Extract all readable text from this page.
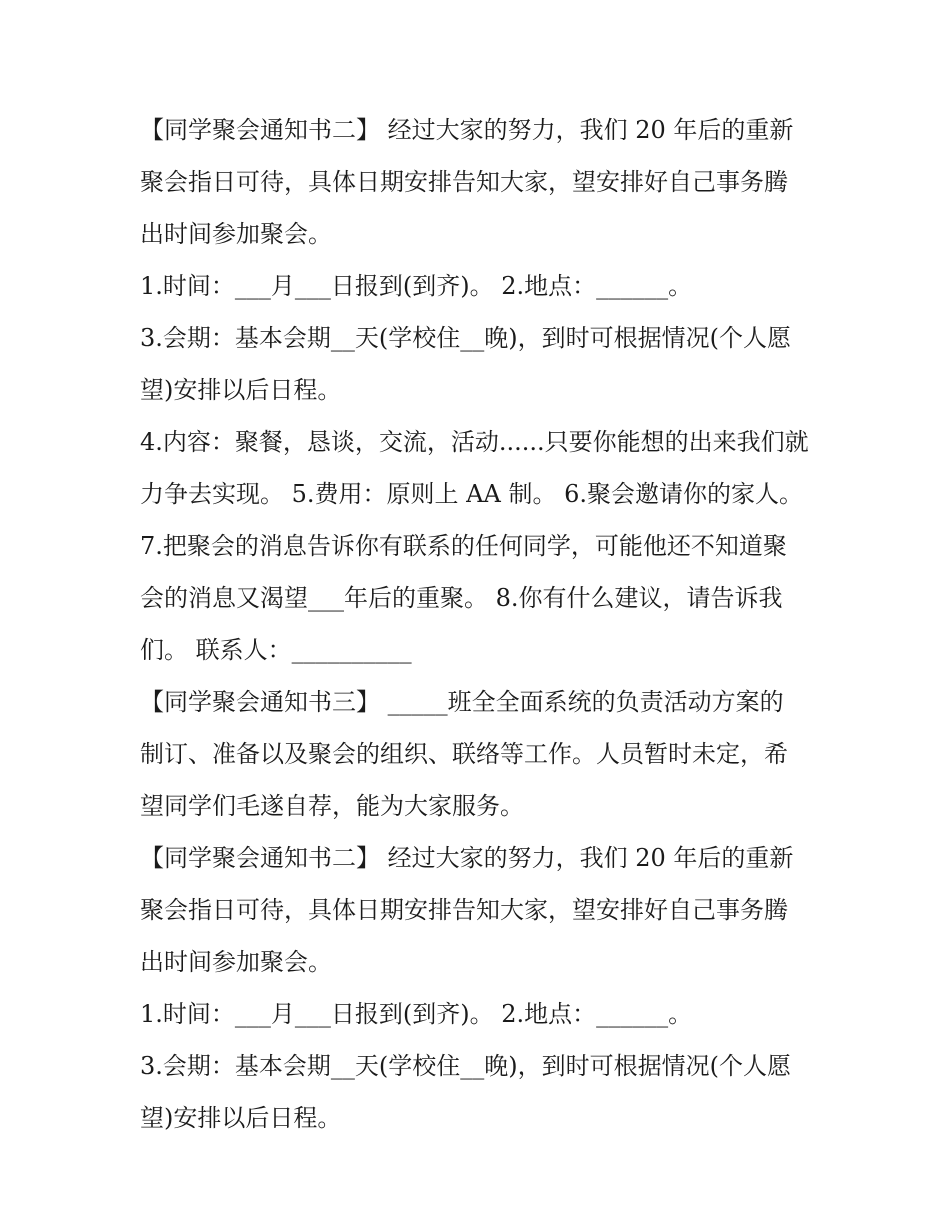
【同学聚会通知书二】 经过大家的努力，我们 20 年后的重新

聚会指日可待，具体日期安排告知大家，望安排好自己事务腾

出时间参加聚会。

1.时间：___月___日报到(到齐)。 2.地点：______。

3.会期：基本会期__天(学校住__晚)，到时可根据情况(个人愿

望)安排以后日程。

4.内容：聚餐，恳谈，交流，活动......只要你能想的出来我们就

力争去实现。 5.费用：原则上 AA 制。 6.聚会邀请你的家人。

7.把聚会的消息告诉你有联系的任何同学，可能他还不知道聚

会的消息又渴望___年后的重聚。 8.你有什么建议，请告诉我

们。 联系人：__________

【同学聚会通知书三】 _____班全全面系统的负责活动方案的

制订、准备以及聚会的组织、联络等工作。人员暂时未定，希

望同学们毛遂自荐，能为大家服务。

【同学聚会通知书二】 经过大家的努力，我们 20 年后的重新

聚会指日可待，具体日期安排告知大家，望安排好自己事务腾

出时间参加聚会。

1.时间：___月___日报到(到齐)。 2.地点：______。

3.会期：基本会期__天(学校住__晚)，到时可根据情况(个人愿

望)安排以后日程。
